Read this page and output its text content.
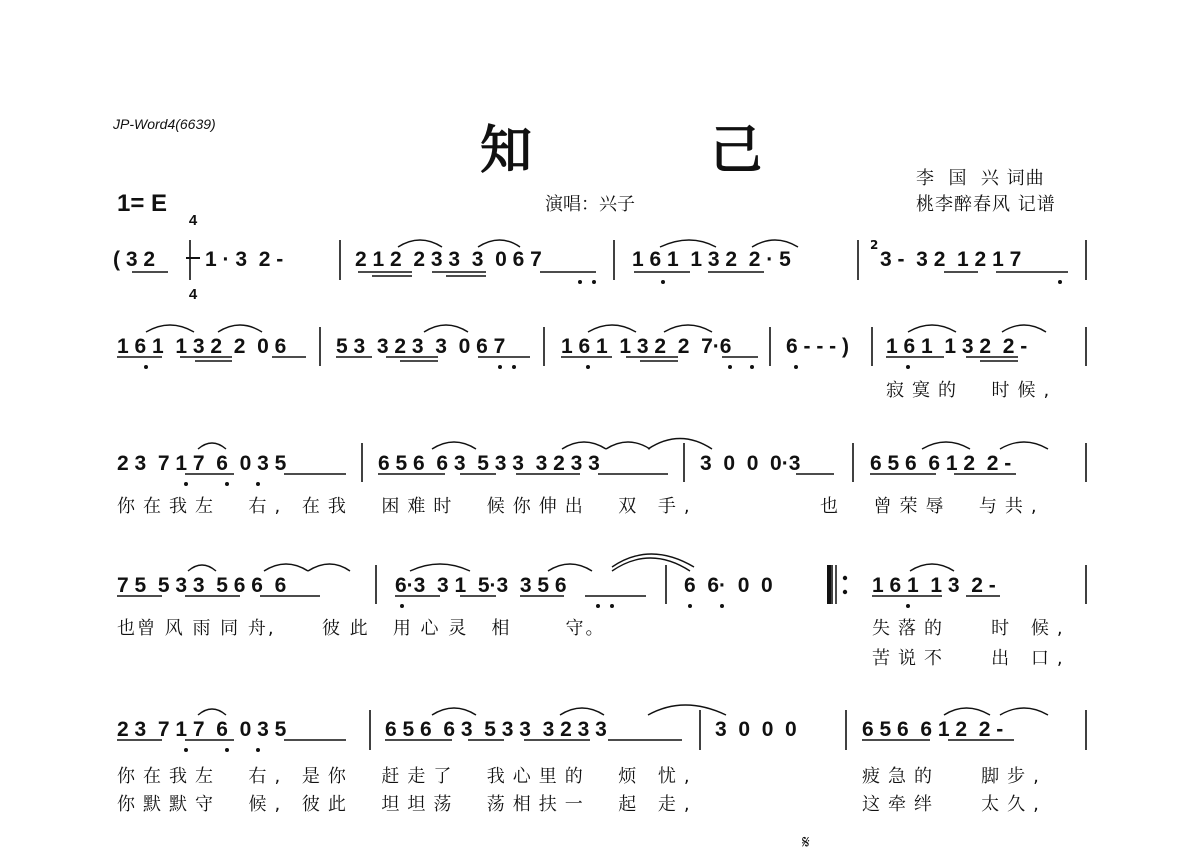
JP-Word4(6639)	知 己	李  国  兴 词曲
桃李醉春风 记谱
1= E

4

4

演唱：兴子
( 3 2 1 · 3  2 -	2 1 2  2 3 3  3  0 6 7	1 6 1  1 3 2  2 · 5	3 -  3 2  1 2 1 7
2
1 6 1  1 3 2  2  0 6 5 3  3 2 3  3  0 6 7	1 6 1  1 3 2  2  7·6	6 - - - ) 1 6 1  1 3 2  2 -
寂寞的  时候,
2 3  7 1 7  6  0 3 5	6 5 6  6 3  5 3 3  3 2 3 3	3  0  0  0·3	6 5 6  6 1 2  2 -
你在我左  右, 在我  困难时  候你伸出  双 手,	也  曾荣辱  与共,
7 5  5 3 3  5 6 6  6	6·3  3 1  5·3  3 5 6	6  6·  0  0	1 6 1  1 3  2 -
也曾 风 雨 同 舟,      彼 此   用 心 灵   相       守。	失落的   时 候,
苦说不   出 口,
2 3  7 1 7  6  0 3 5	6 5 6  6 3  5 3 3  3 2 3 3	3  0  0  0	6 5 6  6 1 2  2 -
你在我左  右, 是你  赶走了  我心里的  烦 忧,
你默默守  候, 彼此  坦坦荡  荡相扶一  起 走,
疲急的   脚步,
这牵绊   太久,
𝄋
